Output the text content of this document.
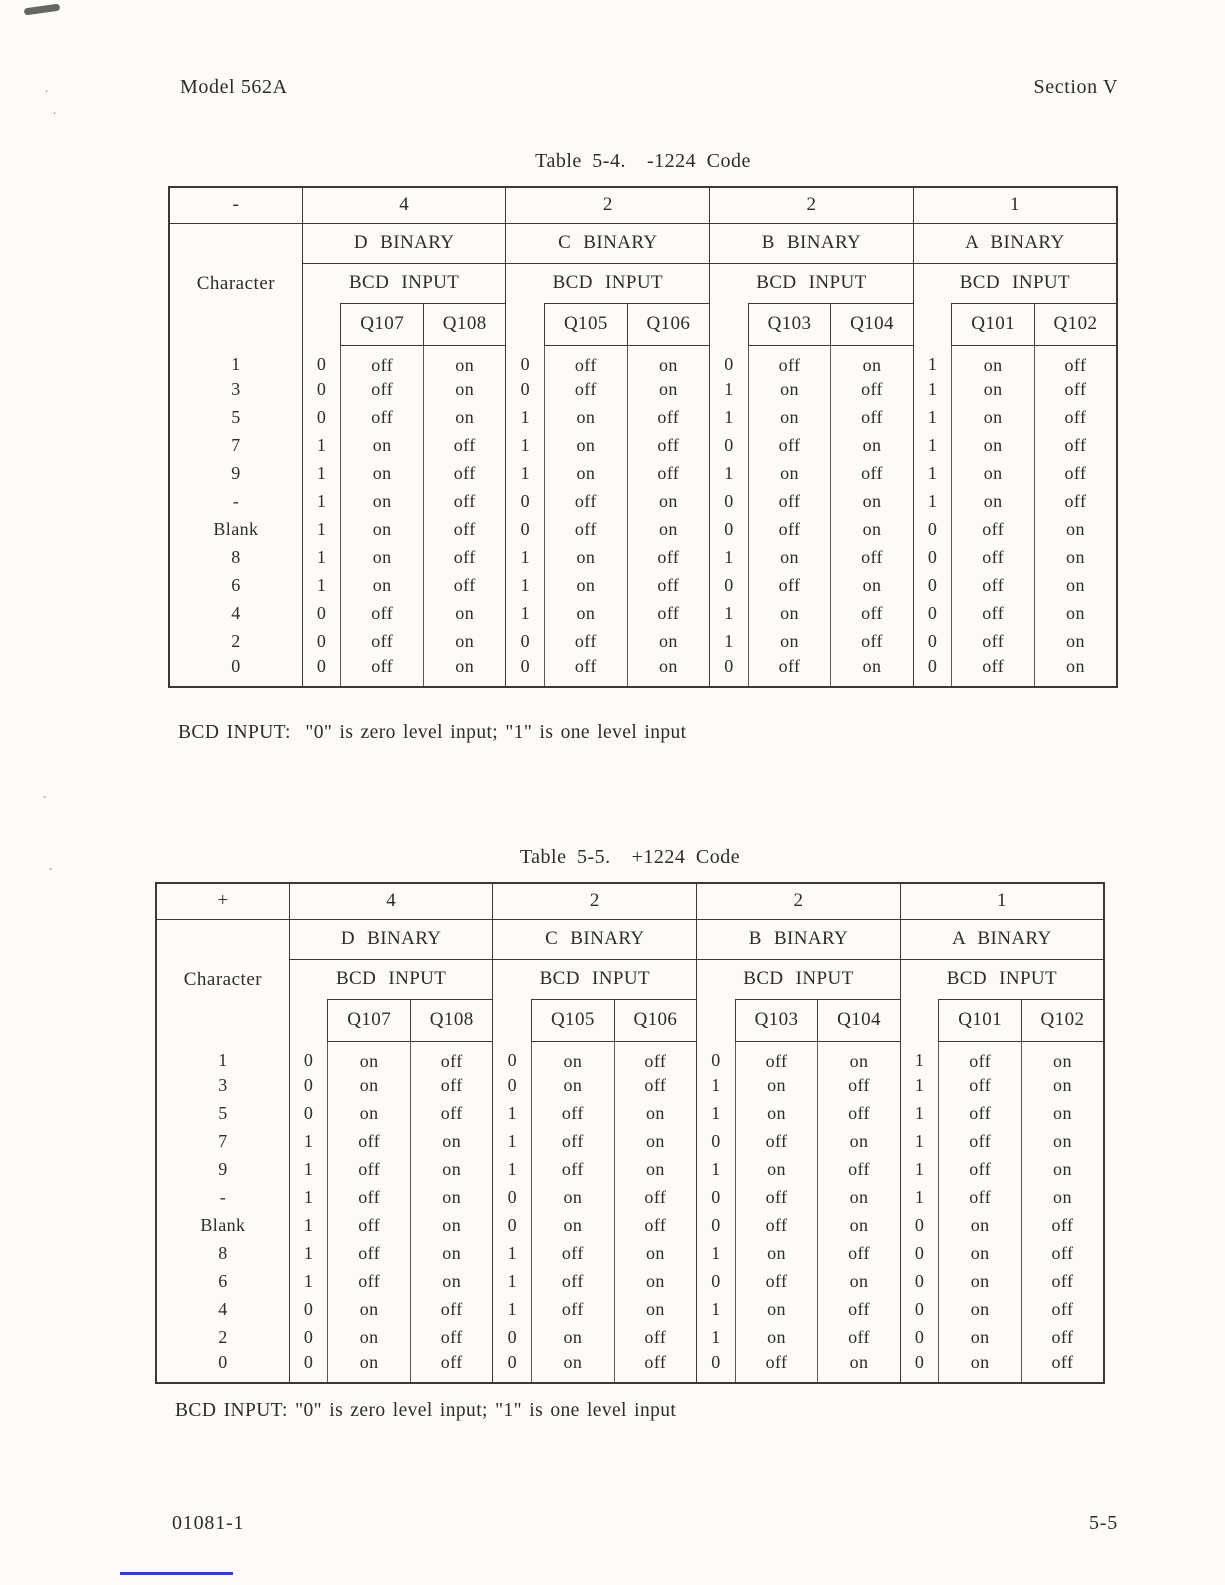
·
·
·
·
Model 562A	Section V
Table 5-4.  -1224 Code
-	4			2			2			1		
Character	D BINARY			C BINARY			B BINARY			A BINARY		
	BCD INPUT			BCD INPUT			BCD INPUT			BCD INPUT		
		Q107	Q108		Q105	Q106		Q103	Q104		Q101	Q102
1	0	off	on	0	off	on	0	off	on	1	on	off
3	0	off	on	0	off	on	1	on	off	1	on	off
5	0	off	on	1	on	off	1	on	off	1	on	off
7	1	on	off	1	on	off	0	off	on	1	on	off
9	1	on	off	1	on	off	1	on	off	1	on	off
-	1	on	off	0	off	on	0	off	on	1	on	off
Blank	1	on	off	0	off	on	0	off	on	0	off	on
8	1	on	off	1	on	off	1	on	off	0	off	on
6	1	on	off	1	on	off	0	off	on	0	off	on
4	0	off	on	1	on	off	1	on	off	0	off	on
2	0	off	on	0	off	on	1	on	off	0	off	on
0	0	off	on	0	off	on	0	off	on	0	off	on
BCD INPUT:  "0" is zero level input; "1" is one level input
Table 5-5.  +1224 Code
+	4			2			2			1		
Character	D BINARY			C BINARY			B BINARY			A BINARY		
	BCD INPUT			BCD INPUT			BCD INPUT			BCD INPUT		
		Q107	Q108		Q105	Q106		Q103	Q104		Q101	Q102
1	0	on	off	0	on	off	0	off	on	1	off	on
3	0	on	off	0	on	off	1	on	off	1	off	on
5	0	on	off	1	off	on	1	on	off	1	off	on
7	1	off	on	1	off	on	0	off	on	1	off	on
9	1	off	on	1	off	on	1	on	off	1	off	on
-	1	off	on	0	on	off	0	off	on	1	off	on
Blank	1	off	on	0	on	off	0	off	on	0	on	off
8	1	off	on	1	off	on	1	on	off	0	on	off
6	1	off	on	1	off	on	0	off	on	0	on	off
4	0	on	off	1	off	on	1	on	off	0	on	off
2	0	on	off	0	on	off	1	on	off	0	on	off
0	0	on	off	0	on	off	0	off	on	0	on	off
BCD INPUT: "0" is zero level input; "1" is one level input
01081-1	5-5
